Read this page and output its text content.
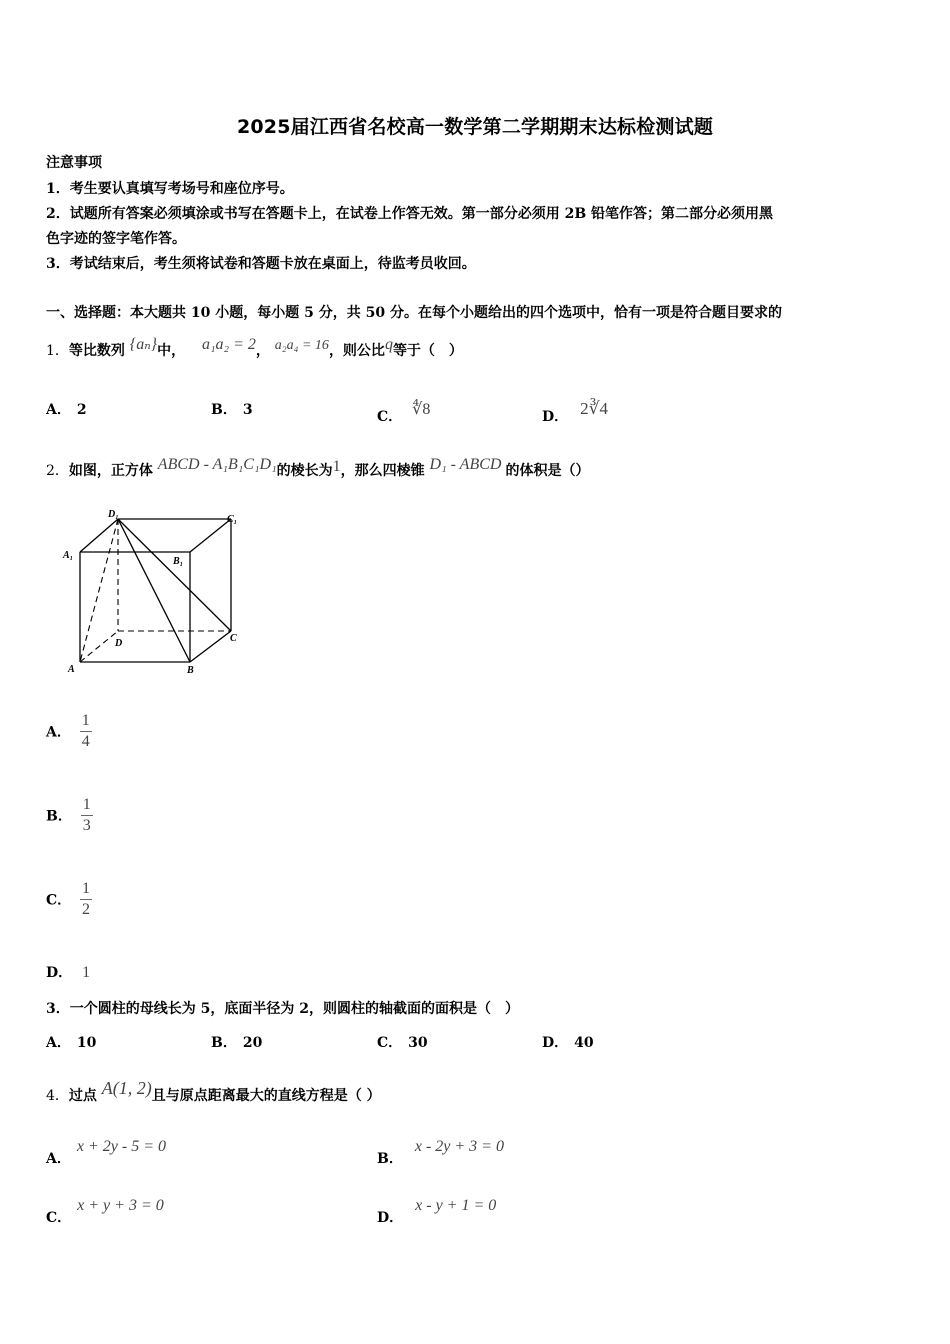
2025届江西省名校高一数学第二学期期末达标检测试题
注意事项
1．考生要认真填写考场号和座位序号。
2．试题所有答案必须填涂或书写在答题卡上，在试卷上作答无效。第一部分必须用 2B 铅笔作答；第二部分必须用黑
色字迹的签字笔作答。
3．考试结束后，考生须将试卷和答题卡放在桌面上，待监考员收回。
一、选择题：本大题共 10 小题，每小题 5 分，共 50 分。在每个小题给出的四个选项中，恰有一项是符合题目要求的
1．等比数列 {aₙ}中， a₁a₂ = 2， a₂a₄ = 16，则公比q等于（　）
A． 2	B． 3	C． ∜8	D． 2∛4
2．如图，正方体 ABCD - A₁B₁C₁D₁的棱长为1，那么四棱锥 D₁ - ABCD 的体积是（）
D₁	C₁
A₁
B₁
D	C
A	B
A． $\frac{1}{4}$
B． $\frac{1}{3}$
C． $\frac{1}{2}$
D． 1
3．一个圆柱的母线长为 5，底面半径为 2，则圆柱的轴截面的面积是（　）
A． 10	B． 20	C． 30	D． 40
4．过点 A(1, 2)且与原点距离最大的直线方程是（ ）
A．x + 2y - 5 = 0
B．x - 2y + 3 = 0
C．x + y + 3 = 0
D．x - y + 1 = 0
